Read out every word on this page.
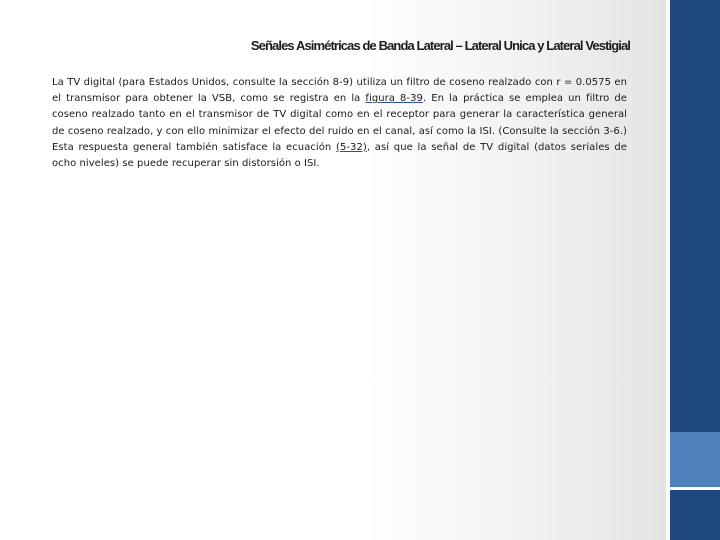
Señales Asimétricas de Banda Lateral – Lateral Unica y Lateral Vestigial

La TV digital (para Estados Unidos, consulte la sección 8-9) utiliza un filtro de coseno realzado con r = 0.0575 en el transmisor para obtener la VSB, como se registra en la figura 8-39. En la práctica se emplea un filtro de coseno realzado tanto en el transmisor de TV digital como en el receptor para generar la característica general de coseno realzado, y con ello minimizar el efecto del ruido en el canal, así como la ISI. (Consulte la sección 3-6.) Esta respuesta general también satisface la ecuación (5-32), así que la señal de TV digital (datos seriales de ocho niveles) se puede recuperar sin distorsión o ISI.
